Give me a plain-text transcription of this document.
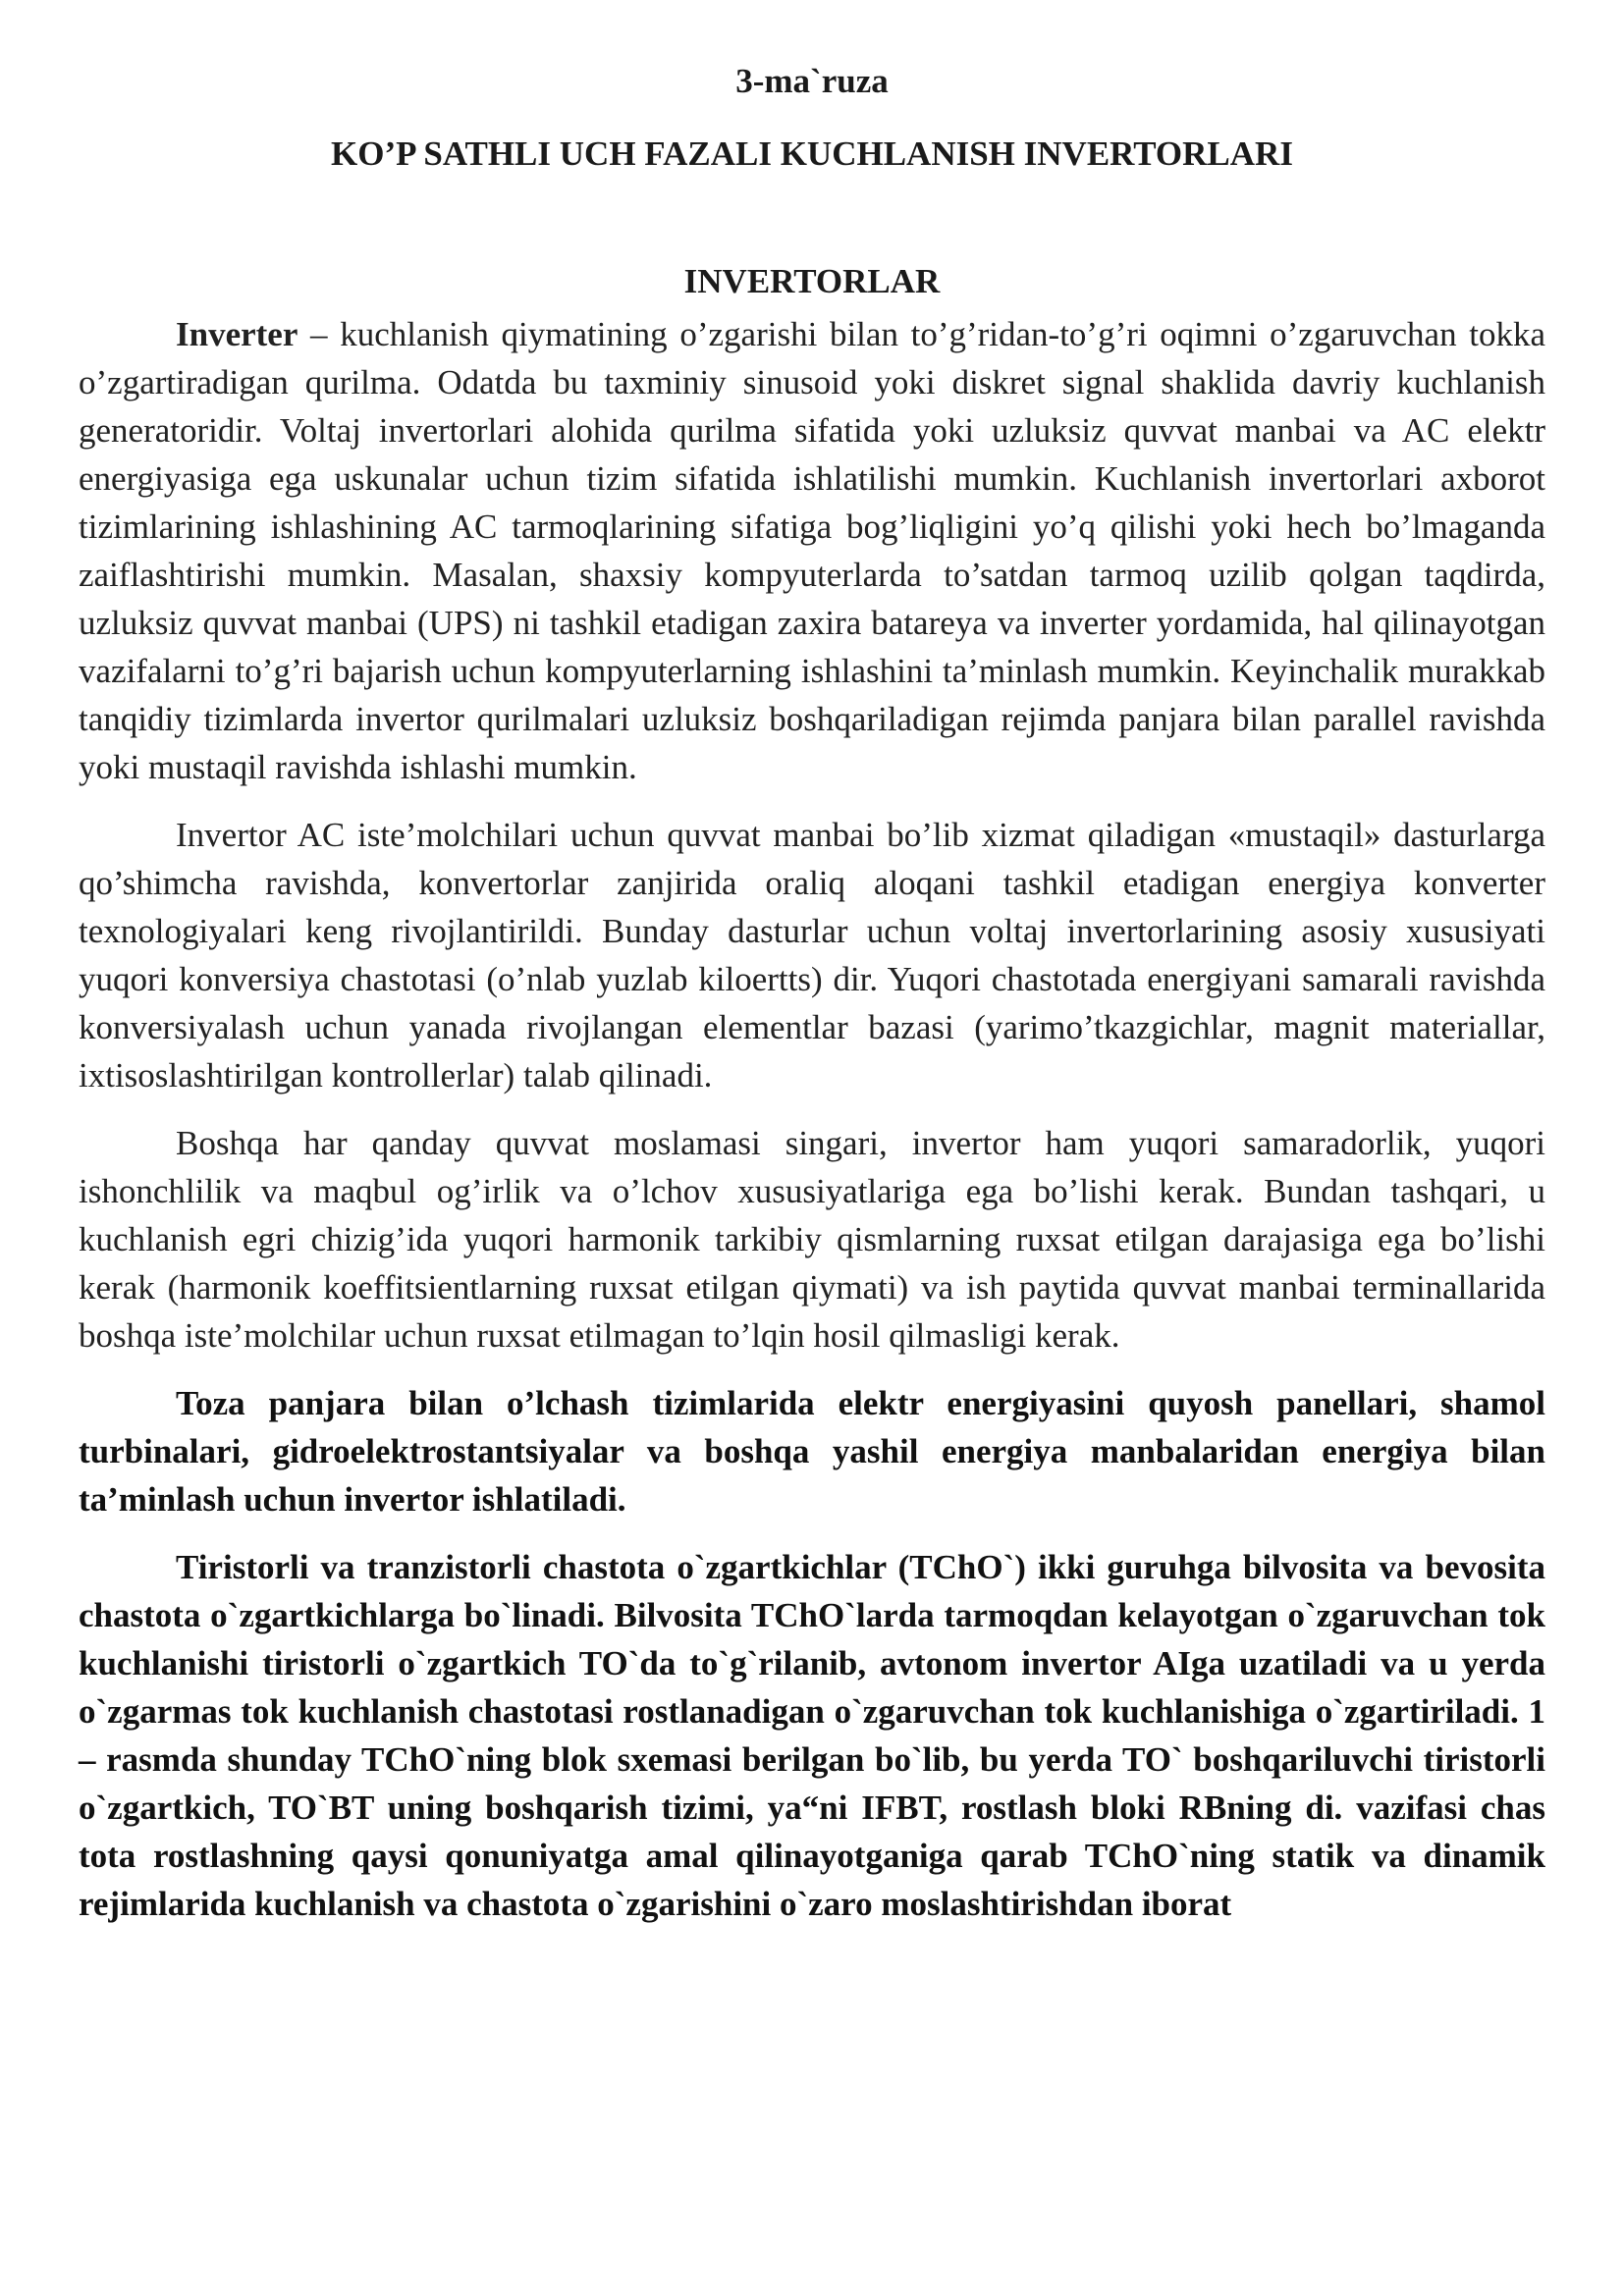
3-ma`ruza
KO’P SATHLI UCH FAZALI KUCHLANISH INVERTORLARI
INVERTORLAR

Inverter – kuchlanish qiymatining o’zgarishi bilan to’g’ridan-to’g’ri oqimni o’zgaruvchan tokka o’zgartiradigan qurilma. Odatda bu taxminiy sinusoid yoki diskret signal shaklida davriy kuchlanish generatoridir. Voltaj invertorlari alohida qurilma sifatida yoki uzluksiz quvvat manbai va AC elektr energiyasiga ega uskunalar uchun tizim sifatida ishlatilishi mumkin. Kuchlanish invertorlari axborot tizimlarining ishlashining AC tarmoqlarining sifatiga bog’liqligini yo’q qilishi yoki hech bo’lmaganda zaiflashtirishi mumkin. Masalan, shaxsiy kompyuterlarda to’satdan tarmoq uzilib qolgan taqdirda, uzluksiz quvvat manbai (UPS) ni tashkil etadigan zaxira batareya va inverter yordamida, hal qilinayotgan vazifalarni to’g’ri bajarish uchun kompyuterlarning ishlashini ta’minlash mumkin. Keyinchalik murakkab tanqidiy tizimlarda invertor qurilmalari uzluksiz boshqariladigan rejimda panjara bilan parallel ravishda yoki mustaqil ravishda ishlashi mumkin.

Invertor AC iste’molchilari uchun quvvat manbai bo’lib xizmat qiladigan «mustaqil» dasturlarga qo’shimcha ravishda, konvertorlar zanjirida oraliq aloqani tashkil etadigan energiya konverter texnologiyalari keng rivojlantirildi. Bunday dasturlar uchun voltaj invertorlarining asosiy xususiyati yuqori konversiya chastotasi (o’nlab yuzlab kiloertts) dir. Yuqori chastotada energiyani samarali ravishda konversiyalash uchun yanada rivojlangan elementlar bazasi (yarimo’tkazgichlar, magnit materiallar, ixtisoslashtirilgan kontrollerlar) talab qilinadi.

Boshqa har qanday quvvat moslamasi singari, invertor ham yuqori samaradorlik, yuqori ishonchlilik va maqbul og’irlik va o’lchov xususiyatlariga ega bo’lishi kerak. Bundan tashqari, u kuchlanish egri chizig’ida yuqori harmonik tarkibiy qismlarning ruxsat etilgan darajasiga ega bo’lishi kerak (harmonik koeffitsientlarning ruxsat etilgan qiymati) va ish paytida quvvat manbai terminallarida boshqa iste’molchilar uchun ruxsat etilmagan to’lqin hosil qilmasligi kerak.

Toza panjara bilan o’lchash tizimlarida elektr energiyasini quyosh panellari, shamol turbinalari, gidroelektrostantsiyalar va boshqa yashil energiya manbalaridan energiya bilan ta’minlash uchun invertor ishlatiladi.

Tiristorli va tranzistorli chastota o`zgartkichlar (TChO`) ikki guruhga bilvosita va bevosita chastota o`zgartkichlarga bo`linadi. Bilvosita TChO`larda tarmoqdan kelayotgan o`zgaruvchan tok kuchlanishi tiristorli o`zgartkich TO`da to`g`rilanib, avtonom invertor AIga uzatiladi va u yerda o`zgarmas tok kuchlanish chastotasi rostlanadigan o`zgaruvchan tok kuchlanishiga o`zgartiriladi. 1 – rasmda shunday TChO`ning blok sxemasi berilgan bo`lib, bu yerda TO` boshqariluvchi tiristorli o`zgartkich, TO`BT uning boshqarish tizimi, ya“ni IFBT, rostlash bloki RBning di. vazifasi chas tota rostlashning qaysi qonuniyatga amal qilinayotganiga qarab TChO`ning statik va dinamik rejimlarida kuchlanish va chastota o`zgarishini o`zaro moslashtirishdan iborat
